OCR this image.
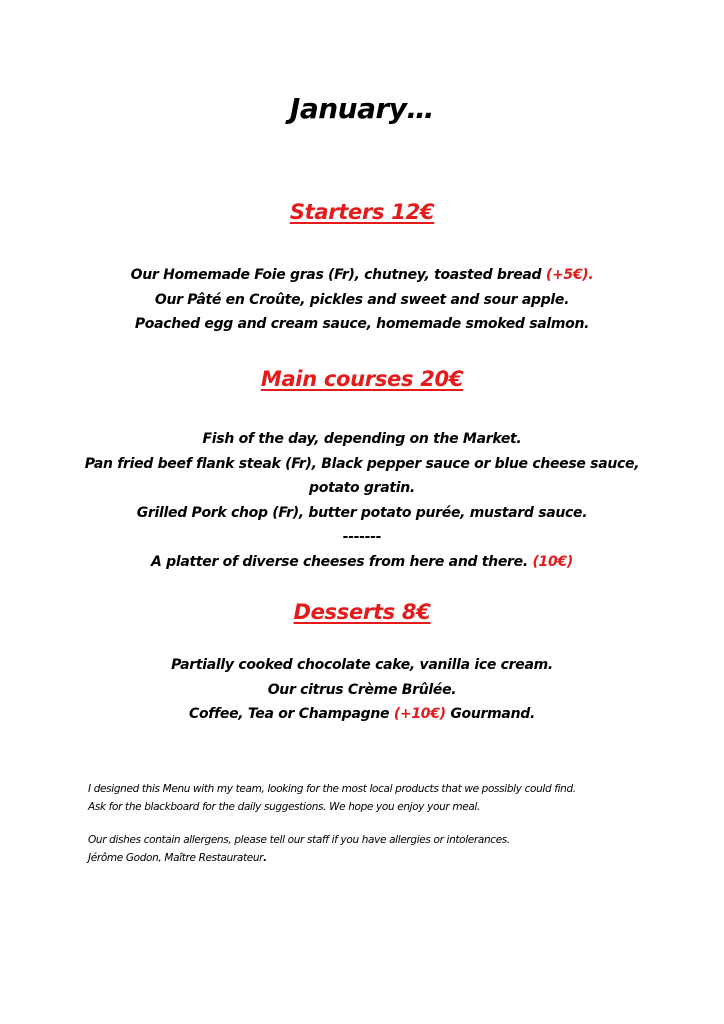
January…
Starters 12€
Our Homemade Foie gras (Fr), chutney, toasted bread (+5€).
Our Pâté en Croûte, pickles and sweet and sour apple.
Poached egg and cream sauce, homemade smoked salmon.
Main courses 20€
Fish of the day, depending on the Market.
Pan fried beef flank steak (Fr), Black pepper sauce or blue cheese sauce,
potato gratin.
Grilled Pork chop (Fr), butter potato purée, mustard sauce.
-------
A platter of diverse cheeses from here and there. (10€)
Desserts 8€
Partially cooked chocolate cake, vanilla ice cream.
Our citrus Crème Brûlée.
Coffee, Tea or Champagne (+10€) Gourmand.

I designed this Menu with my team, looking for the most local products that we possibly could find.

Ask for the blackboard for the daily suggestions. We hope you enjoy your meal.

Our dishes contain allergens, please tell our staff if you have allergies or intolerances.

Jérôme Godon, Maître Restaurateur.
